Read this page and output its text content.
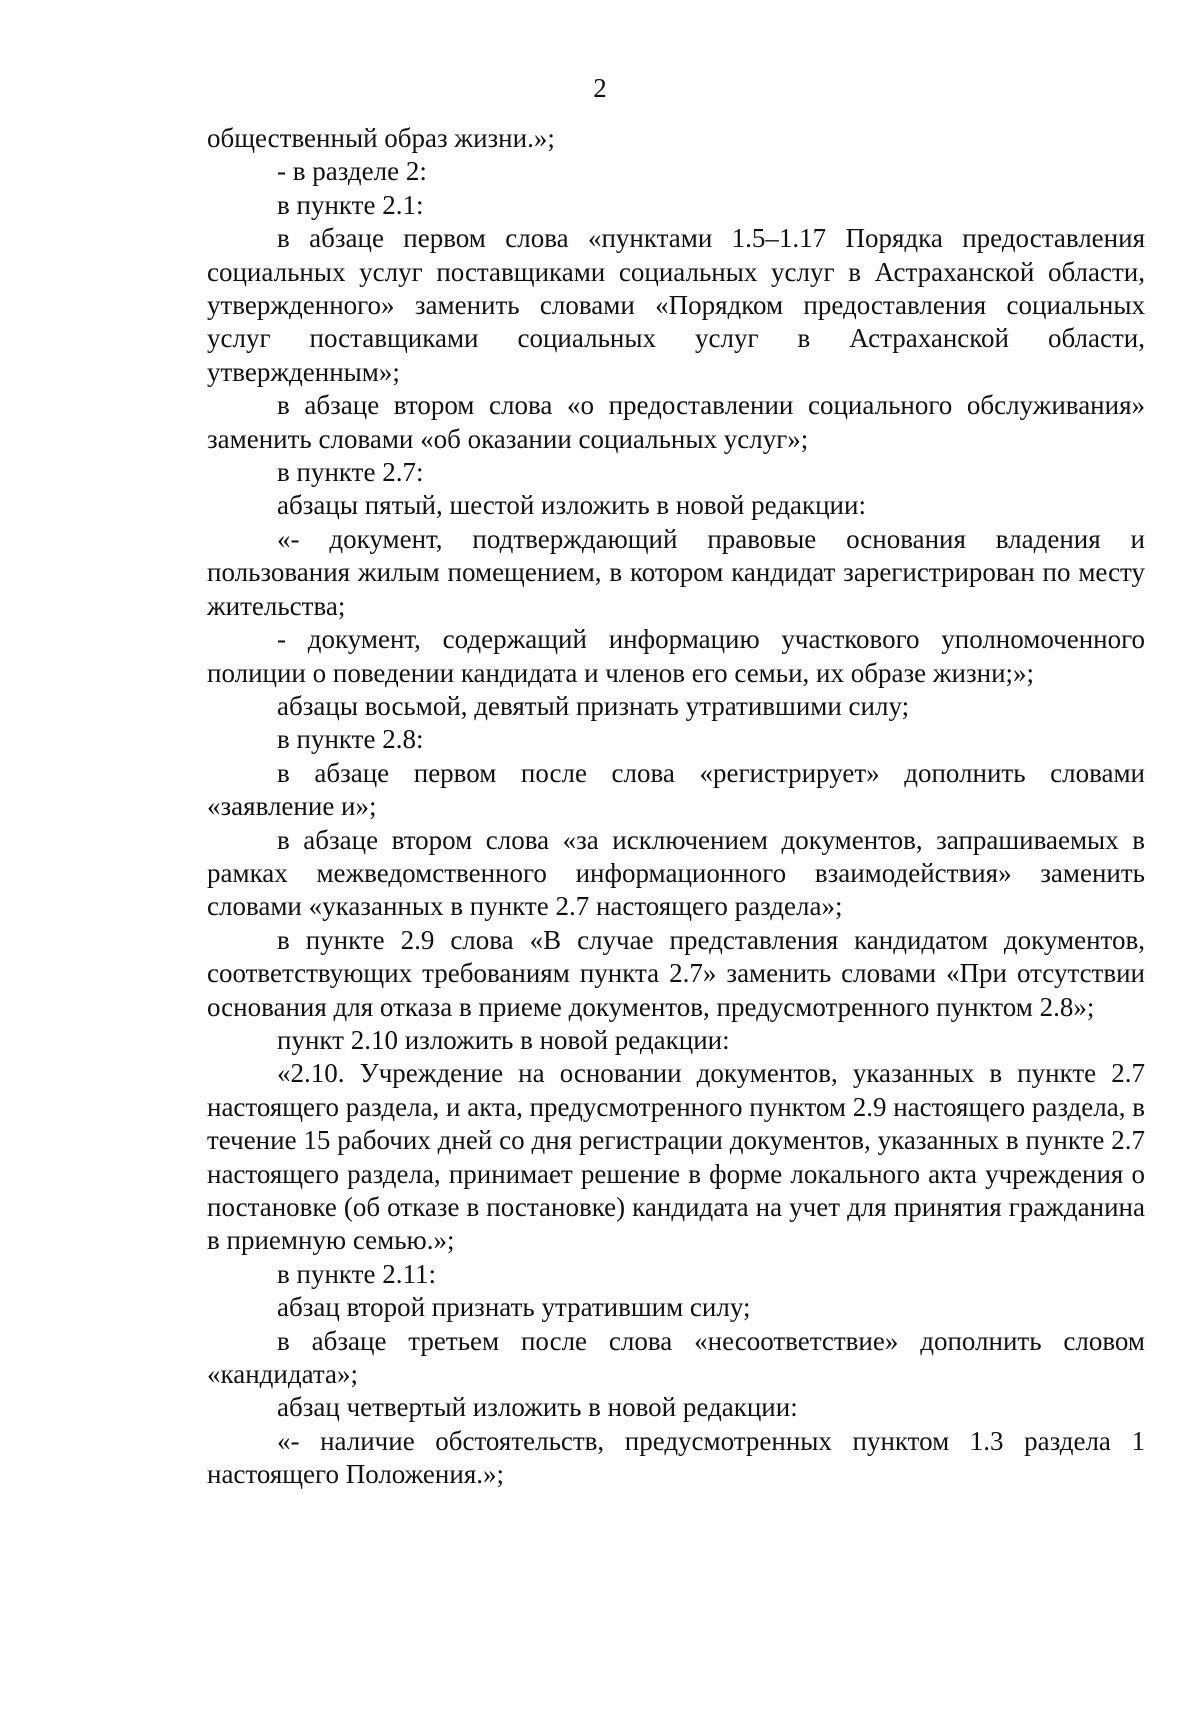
2

общественный образ жизни.»;

- в разделе 2:

в пункте 2.1:

в абзаце первом слова «пунктами 1.5–1.17 Порядка предоставления социальных услуг поставщиками социальных услуг в Астраханской области, утвержденного» заменить словами «Порядком предоставления социальных услуг поставщиками социальных услуг в Астраханской области, утвержденным»;

в абзаце втором слова «о предоставлении социального обслуживания» заменить словами «об оказании социальных услуг»;

в пункте 2.7:

абзацы пятый, шестой изложить в новой редакции:

«- документ, подтверждающий правовые основания владения и пользования жилым помещением, в котором кандидат зарегистрирован по месту жительства;

- документ, содержащий информацию участкового уполномоченного полиции о поведении кандидата и членов его семьи, их образе жизни;»;

абзацы восьмой, девятый признать утратившими силу;

в пункте 2.8:

в абзаце первом после слова «регистрирует» дополнить словами «заявление и»;

в абзаце втором слова «за исключением документов, запрашиваемых в рамках межведомственного информационного взаимодействия» заменить словами «указанных в пункте 2.7 настоящего раздела»;

в пункте 2.9 слова «В случае представления кандидатом документов, соответствующих требованиям пункта 2.7» заменить словами «При отсутствии основания для отказа в приеме документов, предусмотренного пунктом 2.8»;

пункт 2.10 изложить в новой редакции:

«2.10. Учреждение на основании документов, указанных в пункте 2.7 настоящего раздела, и акта, предусмотренного пунктом 2.9 настоящего раздела, в течение 15 рабочих дней со дня регистрации документов, указанных в пункте 2.7 настоящего раздела, принимает решение в форме локального акта учреждения о постановке (об отказе в постановке) кандидата на учет для принятия гражданина в приемную семью.»;

в пункте 2.11:

абзац второй признать утратившим силу;

в абзаце третьем после слова «несоответствие» дополнить словом «кандидата»;

абзац четвертый изложить в новой редакции:

«- наличие обстоятельств, предусмотренных пунктом 1.3 раздела 1 настоящего Положения.»;
